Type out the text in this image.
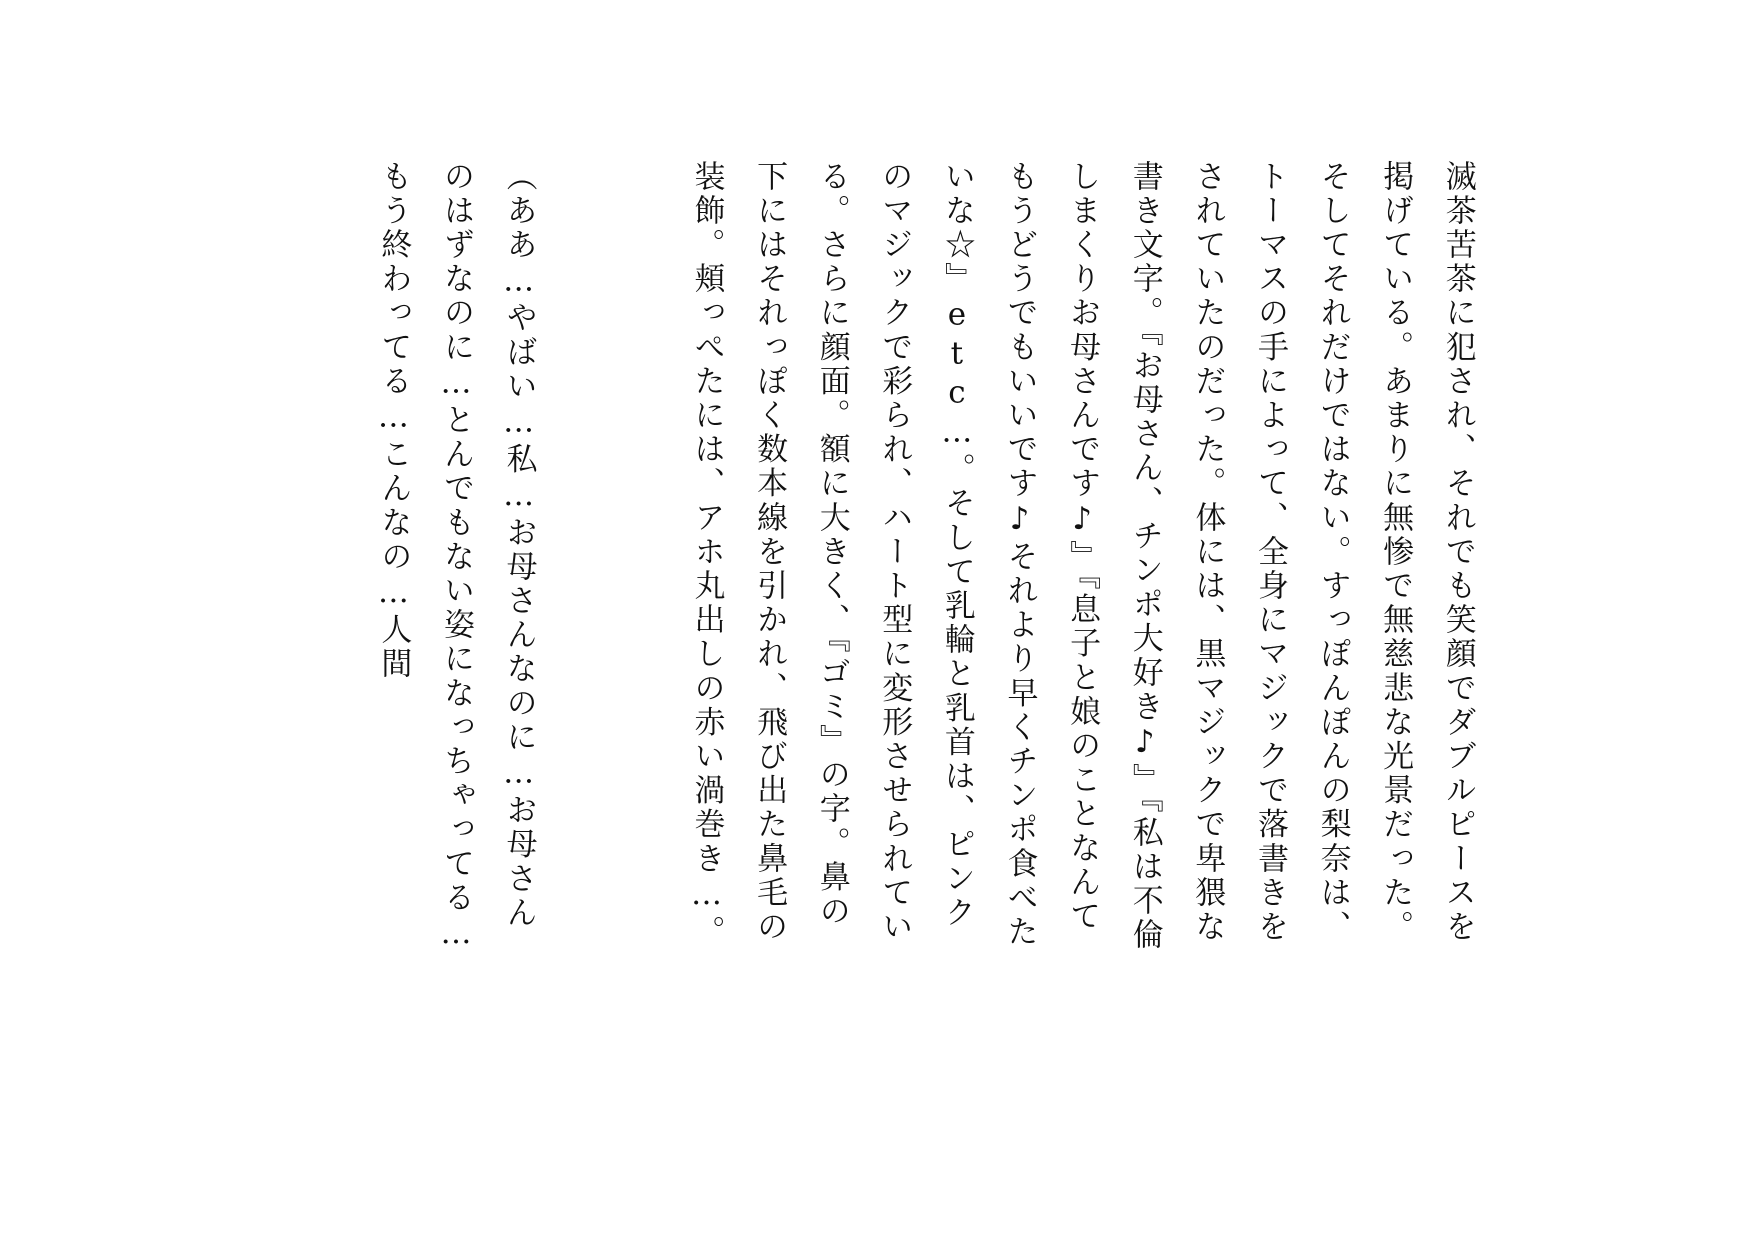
滅茶苦茶に犯され、それでも笑顔でダブルピースを掲げている。あまりに無惨で無慈悲な光景だった。そしてそれだけではない。すっぽんぽんの梨奈は、トーマスの手によって、全身にマジックで落書きをされていたのだった。体には、黒マジックで卑猥な書き文字。『お母さん、チンポ大好き♪』『私は不倫しまくりお母さんです♪』『息子と娘のことなんてもうどうでもいいです♪それより早くチンポ食べたいな☆』etc…。そして乳輪と乳首は、ピンクのマジックで彩られ、ハート型に変形させられている。さらに顔面。額に大きく、『ゴミ』の字。鼻の下にはそれっぽく数本線を引かれ、飛び出た鼻毛の装飾。頬っぺたには、アホ丸出しの赤い渦巻き…。

（ああ…やばい…私…お母さんなのに…お母さんのはずなのに…とんでもない姿になっちゃってる…もう終わってる…こんなの…人間
